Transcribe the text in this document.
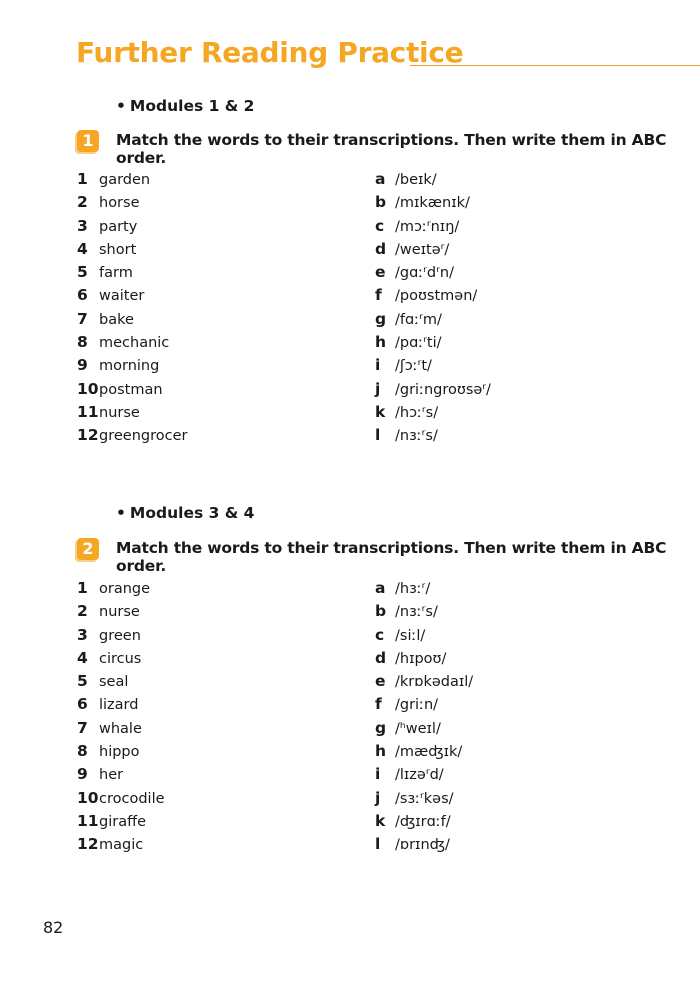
Further Reading Practice
• Modules 1 & 2
1	Match the words to their transcriptions. Then write them in ABC order.
1 garden
2 horse
3 party
4 short
5 farm
6 waiter
7 bake
8 mechanic
9 morning
10postman
11nurse
12greengrocer
a /beɪk/
b /mɪkænɪk/
c /mɔːʳnɪŋ/
d /weɪtəʳ/
e /gɑːʳdʳn/
f /poʊstmən/
g /fɑːʳm/
h /pɑːʳti/
i /ʃɔːʳt/
j /griːngroʊsəʳ/
k /hɔːʳs/
l /nɜːʳs/
• Modules 3 & 4
2	Match the words to their transcriptions. Then write them in ABC order.
1 orange
2 nurse
3 green
4 circus
5 seal
6 lizard
7 whale
8 hippo
9 her
10crocodile
11giraffe
12magic
a /hɜːʳ/
b /nɜːʳs/
c /siːl/
d /hɪpoʊ/
e /krɒkədaɪl/
f /griːn/
g /ʰweɪl/
h /mæʤɪk/
i /lɪzəʳd/
j /sɜːʳkəs/
k /ʤɪrɑːf/
l /ɒrɪnʤ/
82
